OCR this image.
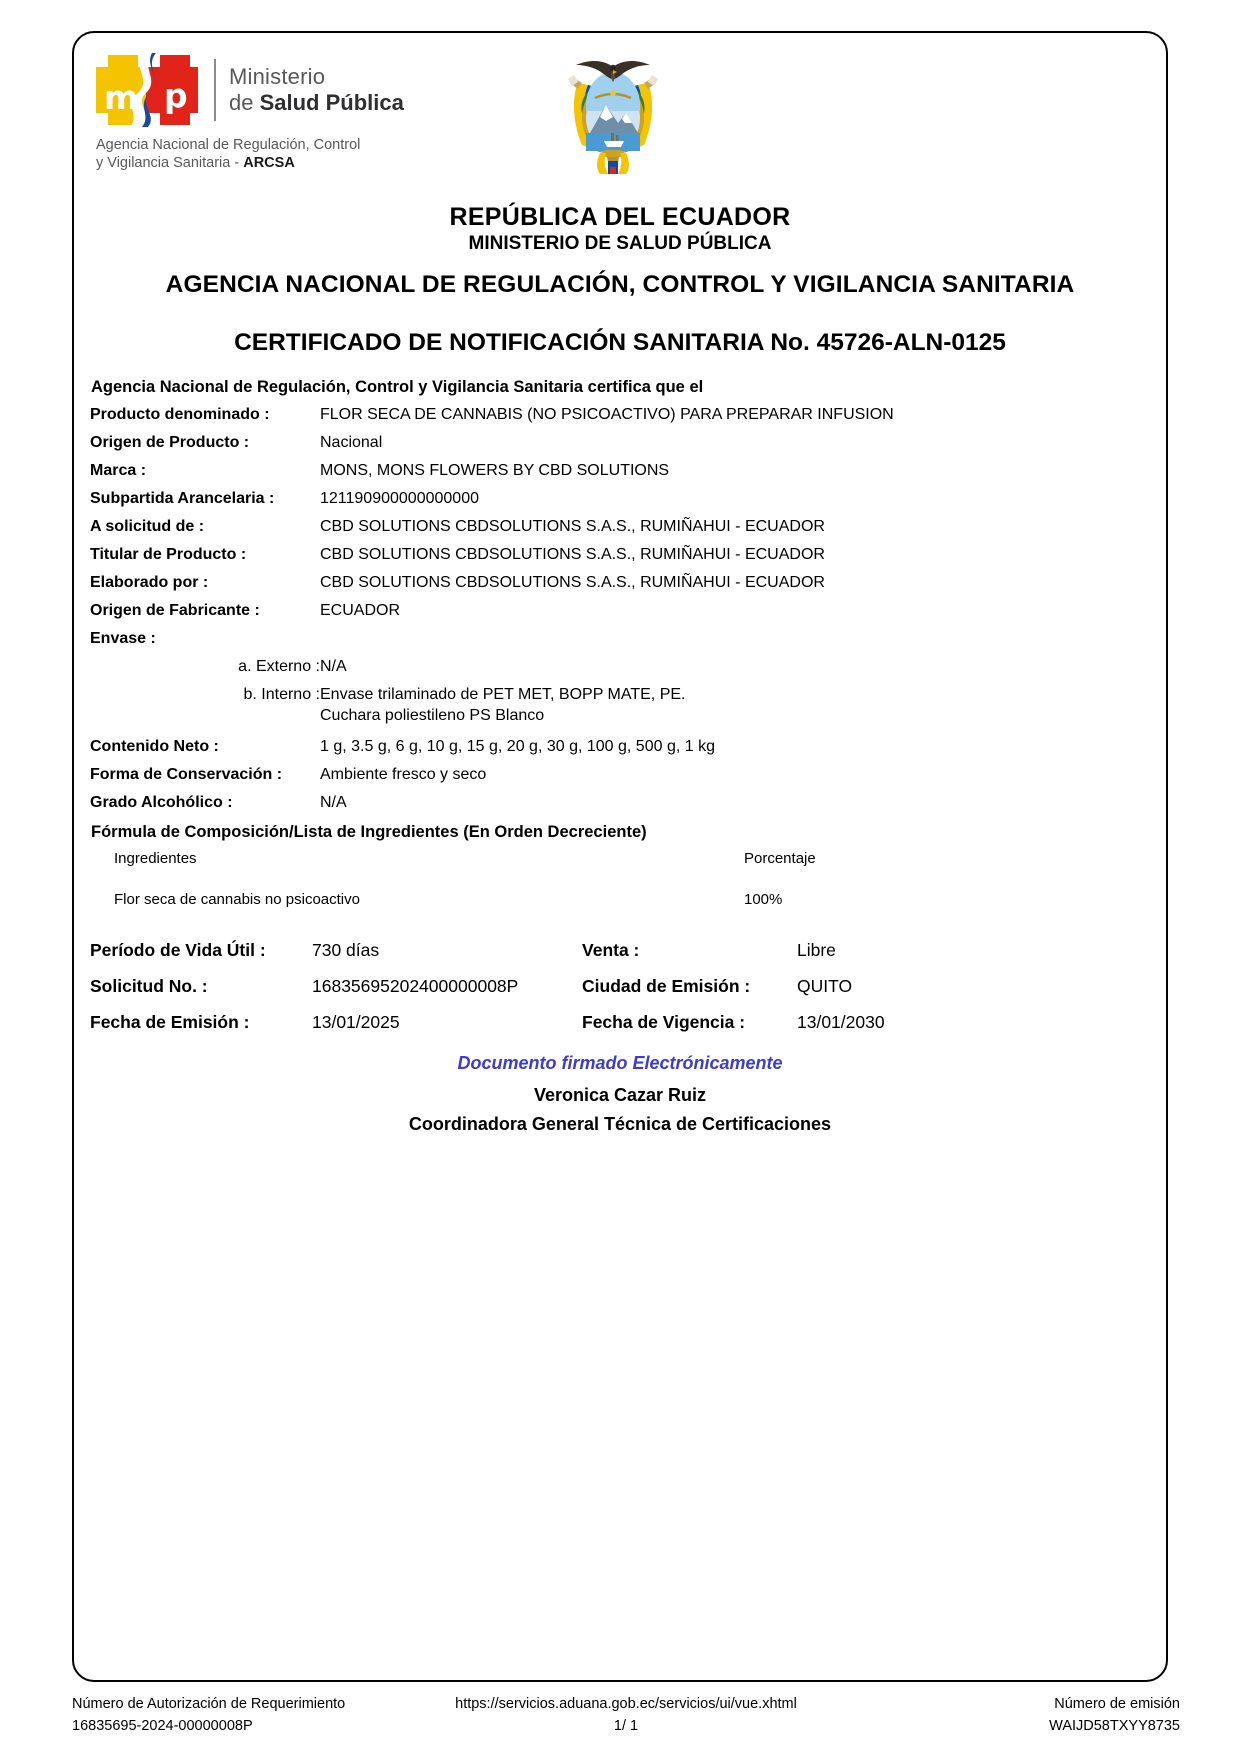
m p Ministerio
de Salud Pública
Agencia Nacional de Regulación, Control
y Vigilancia Sanitaria - ARCSA
REPÚBLICA DEL ECUADOR
MINISTERIO DE SALUD PÚBLICA
AGENCIA NACIONAL DE REGULACIÓN, CONTROL Y VIGILANCIA SANITARIA
CERTIFICADO DE NOTIFICACIÓN SANITARIA No. 45726-ALN-0125
Agencia Nacional de Regulación, Control y Vigilancia Sanitaria certifica que el
Producto denominado :	FLOR SECA DE CANNABIS (NO PSICOACTIVO) PARA PREPARAR INFUSION
Origen de Producto :	Nacional
Marca :	MONS, MONS FLOWERS BY CBD SOLUTIONS
Subpartida Arancelaria :	121190900000000000
A solicitud de :	CBD SOLUTIONS CBDSOLUTIONS S.A.S., RUMIÑAHUI - ECUADOR
Titular de Producto :	CBD SOLUTIONS CBDSOLUTIONS S.A.S., RUMIÑAHUI - ECUADOR
Elaborado por :	CBD SOLUTIONS CBDSOLUTIONS S.A.S., RUMIÑAHUI - ECUADOR
Origen de Fabricante :	ECUADOR
Envase :	
a. Externo :	N/A
b. Interno :	Envase trilaminado de PET MET, BOPP MATE, PE.
Cuchara poliestileno PS Blanco

Contenido Neto :	1 g, 3.5 g, 6 g, 10 g, 15 g, 20 g, 30 g, 100 g, 500 g, 1 kg
Forma de Conservación :	Ambiente fresco y seco
Grado Alcohólico :	N/A
Fórmula de Composición/Lista de Ingredientes (En Orden Decreciente)
Ingredientes	Porcentaje
Flor seca de cannabis no psicoactivo	100%
Período de Vida Útil :	730 días	Venta :	Libre
Solicitud No. :	16835695202400000008P	Ciudad de Emisión :	QUITO
Fecha de Emisión :	13/01/2025	Fecha de Vigencia :	13/01/2030
Documento firmado Electrónicamente
Veronica Cazar Ruiz
Coordinadora General Técnica de Certificaciones
Número de Autorización de Requerimiento
16835695-2024-00000008P
https://servicios.aduana.gob.ec/servicios/ui/vue.xhtml
1/ 1
Número de emisión
WAIJD58TXYY8735
